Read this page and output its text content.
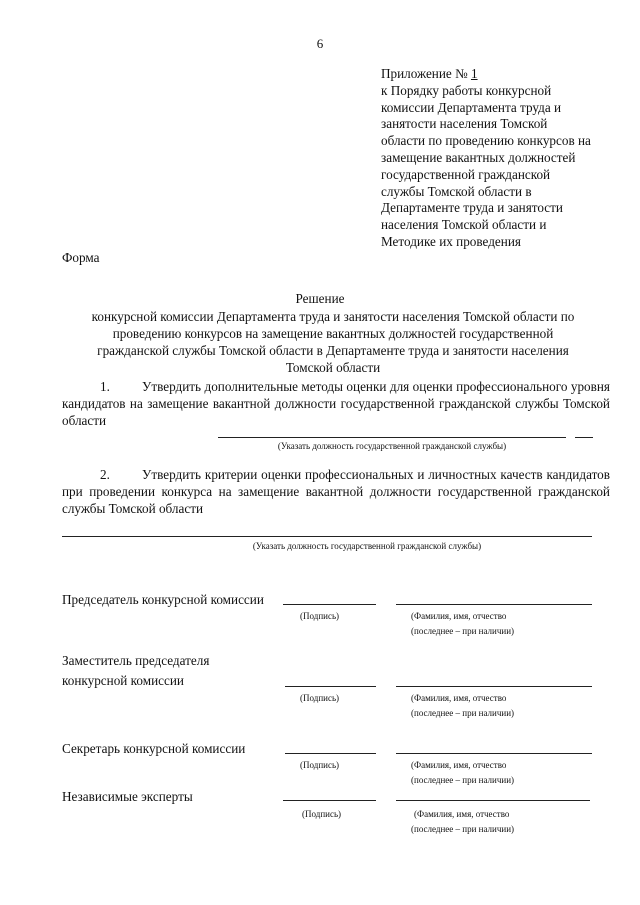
6
Приложение № 1
к Порядку работы конкурсной
комиссии Департамента труда и
занятости населения Томской
области по проведению конкурсов на
замещение вакантных должностей
государственной гражданской
службы Томской области в
Департаменте труда и занятости
населения Томской области и
Методике их проведения
Форма
Решение
конкурсной комиссии Департамента труда и занятости населения Томской области по проведению конкурсов на замещение вакантных должностей государственной гражданской службы Томской области в Департаменте труда и занятости населения Томской области
1. Утвердить дополнительные методы оценки для оценки профессионального уровня кандидатов на замещение вакантной должности государственной гражданской службы Томской области
(Указать должность государственной гражданской службы)
2. Утвердить критерии оценки профессиональных и личностных качеств кандидатов при проведении конкурса на замещение вакантной должности государственной гражданской службы Томской области
(Указать должность государственной гражданской службы)
Председатель конкурсной комиссии
(Подпись)	(Фамилия, имя, отчество
(последнее – при наличии)
Заместитель председателя
конкурсной комиссии
(Подпись)	(Фамилия, имя, отчество
(последнее – при наличии)
Секретарь конкурсной комиссии
(Подпись)	(Фамилия, имя, отчество
(последнее – при наличии)
Независимые эксперты
(Подпись)	(Фамилия, имя, отчество
(последнее – при наличии)
